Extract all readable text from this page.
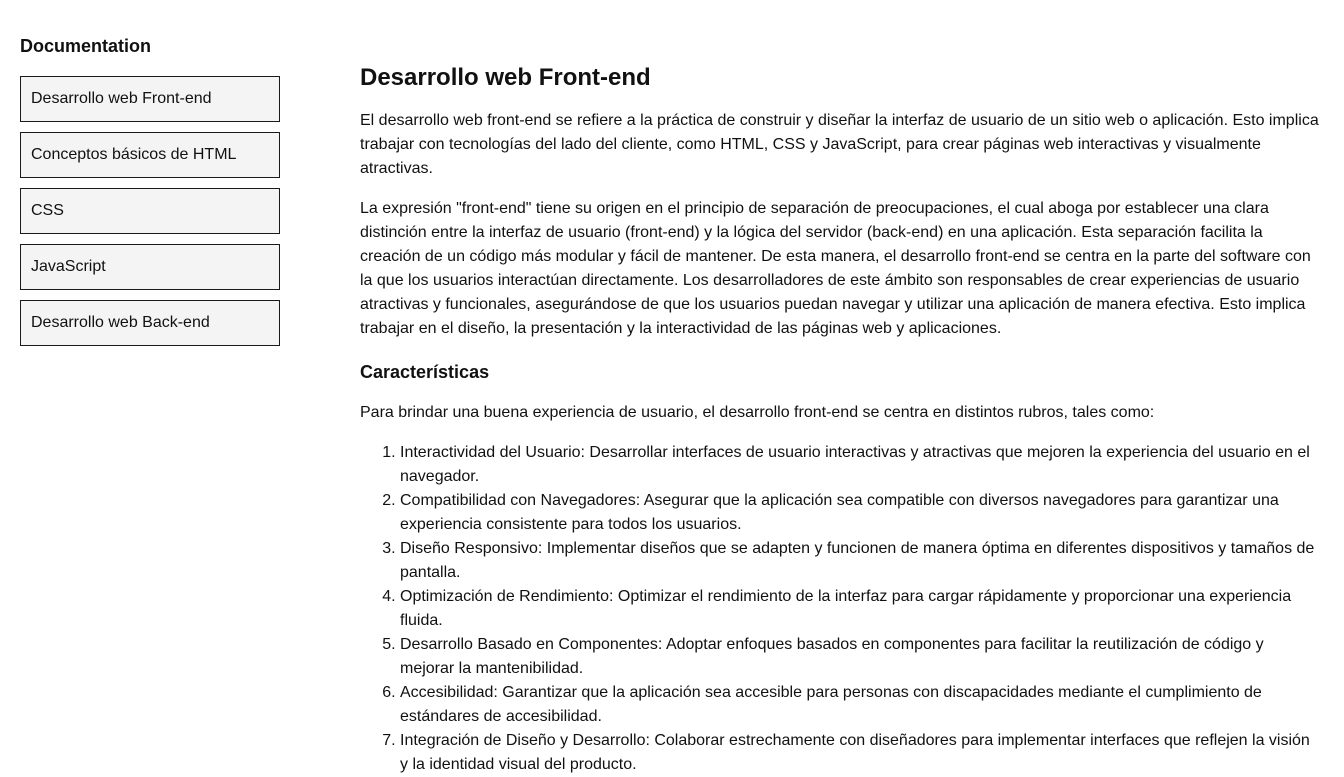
Documentation
Desarrollo web Front-end
Conceptos básicos de HTML
CSS
JavaScript
Desarrollo web Back-end
Desarrollo web Front-end

El desarrollo web front-end se refiere a la práctica de construir y diseñar la interfaz de usuario de un sitio web o aplicación. Esto implica trabajar con tecnologías del lado del cliente, como HTML, CSS y JavaScript, para crear páginas web interactivas y visualmente atractivas.

La expresión "front-end" tiene su origen en el principio de separación de preocupaciones, el cual aboga por establecer una clara distinción entre la interfaz de usuario (front-end) y la lógica del servidor (back-end) en una aplicación. Esta separación facilita la creación de un código más modular y fácil de mantener. De esta manera, el desarrollo front-end se centra en la parte del software con la que los usuarios interactúan directamente. Los desarrolladores de este ámbito son responsables de crear experiencias de usuario atractivas y funcionales, asegurándose de que los usuarios puedan navegar y utilizar una aplicación de manera efectiva. Esto implica trabajar en el diseño, la presentación y la interactividad de las páginas web y aplicaciones.

Características

Para brindar una buena experiencia de usuario, el desarrollo front-end se centra en distintos rubros, tales como:

1. Interactividad del Usuario: Desarrollar interfaces de usuario interactivas y atractivas que mejoren la experiencia del usuario en el navegador.
2. Compatibilidad con Navegadores: Asegurar que la aplicación sea compatible con diversos navegadores para garantizar una experiencia consistente para todos los usuarios.
3. Diseño Responsivo: Implementar diseños que se adapten y funcionen de manera óptima en diferentes dispositivos y tamaños de pantalla.
4. Optimización de Rendimiento: Optimizar el rendimiento de la interfaz para cargar rápidamente y proporcionar una experiencia fluida.
5. Desarrollo Basado en Componentes: Adoptar enfoques basados en componentes para facilitar la reutilización de código y mejorar la mantenibilidad.
6. Accesibilidad: Garantizar que la aplicación sea accesible para personas con discapacidades mediante el cumplimiento de estándares de accesibilidad.
7. Integración de Diseño y Desarrollo: Colaborar estrechamente con diseñadores para implementar interfaces que reflejen la visión y la identidad visual del producto.
